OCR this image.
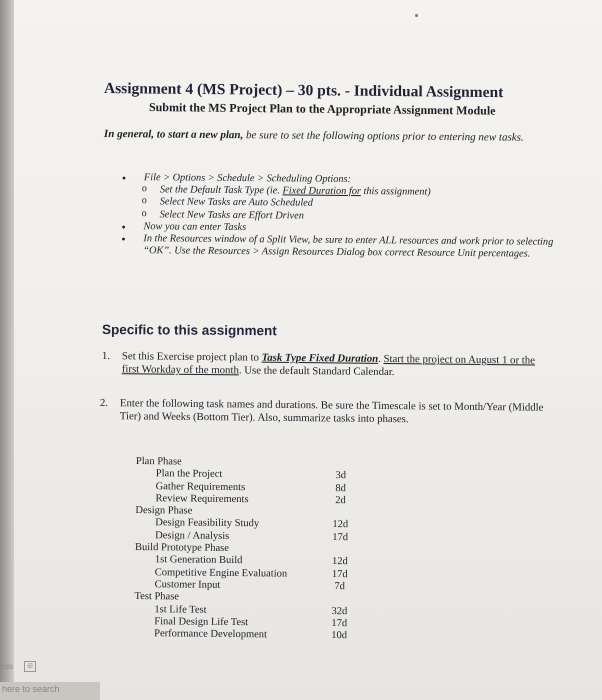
Assignment 4 (MS Project) – 30 pts. - Individual Assignment
Submit the MS Project Plan to the Appropriate Assignment Module
In general, to start a new plan, be sure to set the following options prior to entering new tasks.
• File > Options > Schedule > Scheduling Options:
o Set the Default Task Type (ie. Fixed Duration for this assignment)
o Select New Tasks are Auto Scheduled
o Select New Tasks are Effort Driven
• Now you can enter Tasks
• In the Resources window of a Split View, be sure to enter ALL resources and work prior to selecting “OK”. Use the Resources > Assign Resources Dialog box correct Resource Unit percentages.
Specific to this assignment
1. Set this Exercise project plan to Task Type Fixed Duration. Start the project on August 1 or the first Workday of the month. Use the default Standard Calendar.
2. Enter the following task names and durations. Be sure the Timescale is set to Month/Year (Middle Tier) and Weeks (Bottom Tier). Also, summarize tasks into phases.
Plan Phase
Plan the Project	3d
Gather Requirements	8d
Review Requirements	2d
Design Phase
Design Feasibility Study	12d
Design / Analysis	17d
Build Prototype Phase
1st Generation Build	12d
Competitive Engine Evaluation	17d
Customer Input	7d
Test Phase
1st Life Test	32d
Final Design Life Test	17d
Performance Development	10d
eds	⊞
here to search
